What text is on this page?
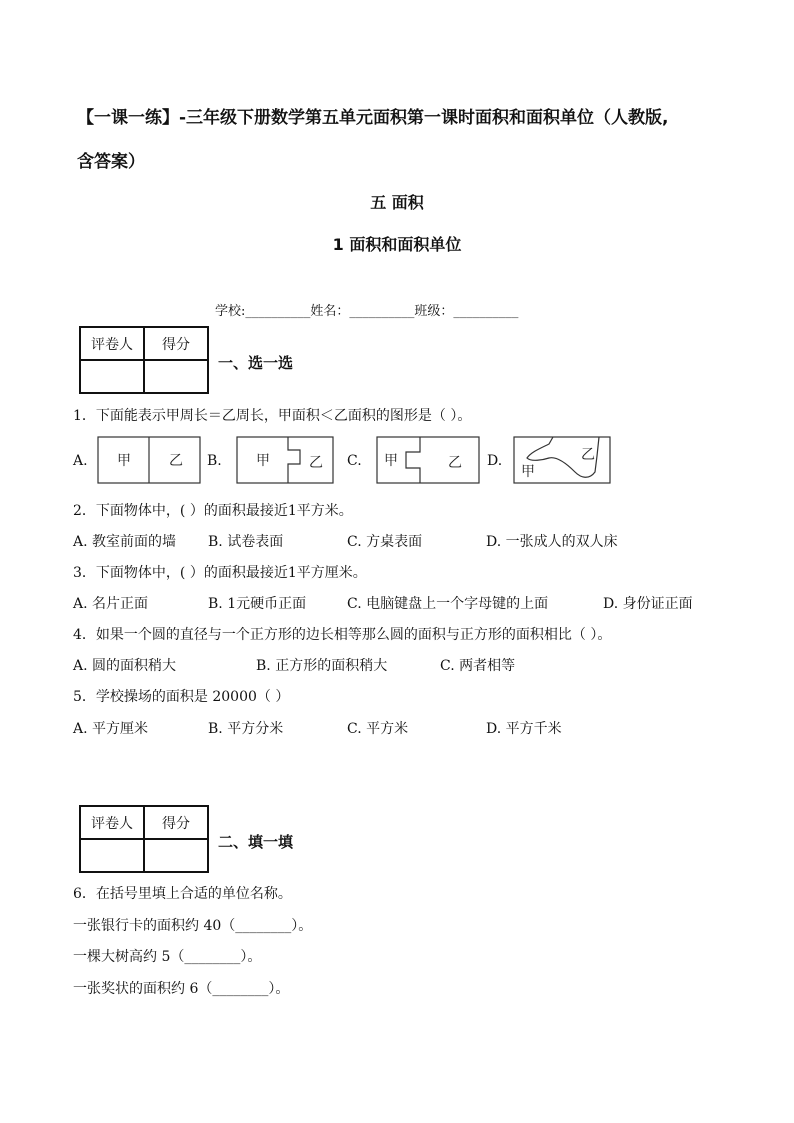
【一课一练】-三年级下册数学第五单元面积第一课时面积和面积单位（人教版,
含答案）
五 面积
1 面积和面积单位
学校:__________姓名：__________班级：__________
评卷人	得分

一、选一选
1．下面能表示甲周长＝乙周长，甲面积＜乙面积的图形是（ ）。
A. 甲	乙 B. 甲	乙 C. 甲	乙 D.
甲
乙
2．下面物体中，( ）的面积最接近1平方米。
A. 教室前面的墙 B. 试卷表面	C. 方桌表面	D. 一张成人的双人床
3．下面物体中，( ）的面积最接近1平方厘米。
A. 名片正面	B. 1元硬币正面	C. 电脑键盘上一个字母键的上面	D. 身份证正面
4．如果一个圆的直径与一个正方形的边长相等那么圆的面积与正方形的面积相比（ ）。
A. 圆的面积稍大	B. 正方形的面积稍大	C. 两者相等
5．学校操场的面积是 20000（ ）
A. 平方厘米	B. 平方分米	C. 平方米	D. 平方千米
评卷人	得分

二、填一填
6．在括号里填上合适的单位名称。
一张银行卡的面积约 40（________）。
一棵大树高约 5（________）。
一张奖状的面积约 6（________）。
